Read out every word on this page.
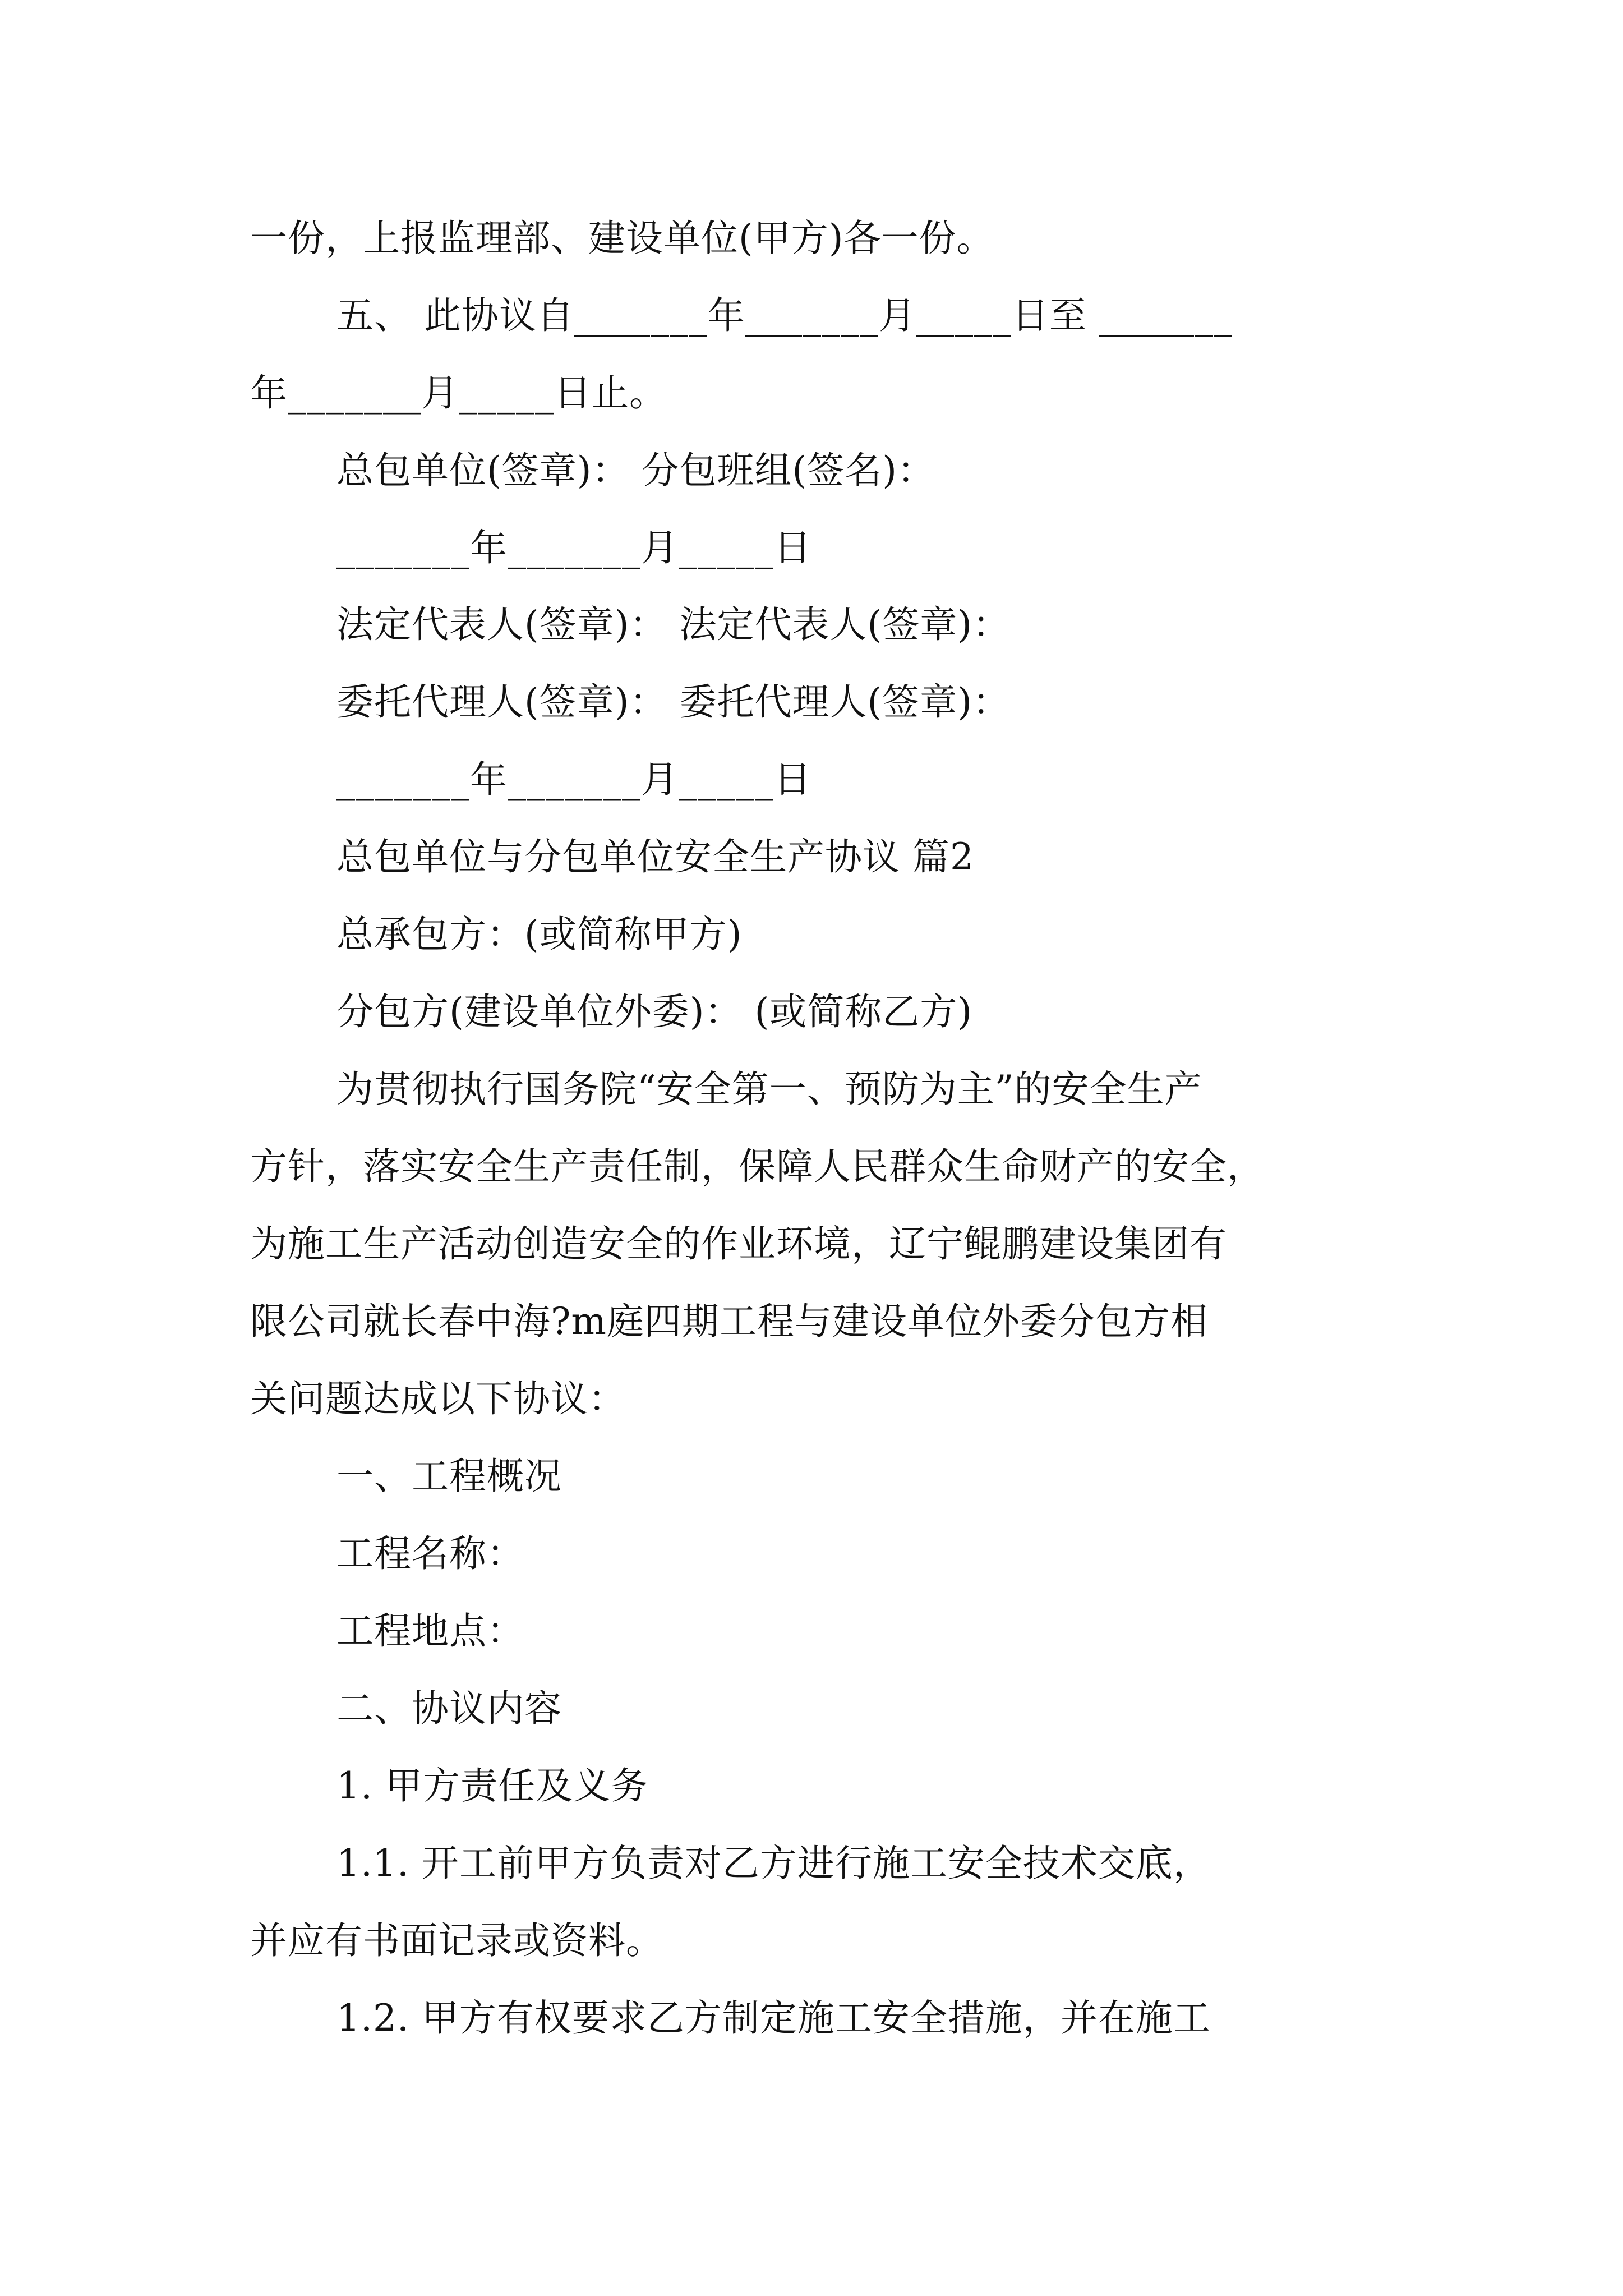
一份，上报监理部、建设单位(甲方)各一份。
五、 此协议自_______年_______月_____日至 _______
年_______月_____日止。
总包单位(签章)： 分包班组(签名)：
_______年_______月_____日
法定代表人(签章)： 法定代表人(签章)：
委托代理人(签章)： 委托代理人(签章)：
_______年_______月_____日
总包单位与分包单位安全生产协议 篇2
总承包方：(或简称甲方)
分包方(建设单位外委)： (或简称乙方)
为贯彻执行国务院“安全第一、预防为主”的安全生产
方针，落实安全生产责任制，保障人民群众生命财产的安全，
为施工生产活动创造安全的作业环境，辽宁鲲鹏建设集团有
限公司就长春中海?m庭四期工程与建设单位外委分包方相
关问题达成以下协议：
一、工程概况
工程名称：
工程地点：
二、协议内容
1. 甲方责任及义务
1.1. 开工前甲方负责对乙方进行施工安全技术交底，
并应有书面记录或资料。
1.2. 甲方有权要求乙方制定施工安全措施，并在施工
